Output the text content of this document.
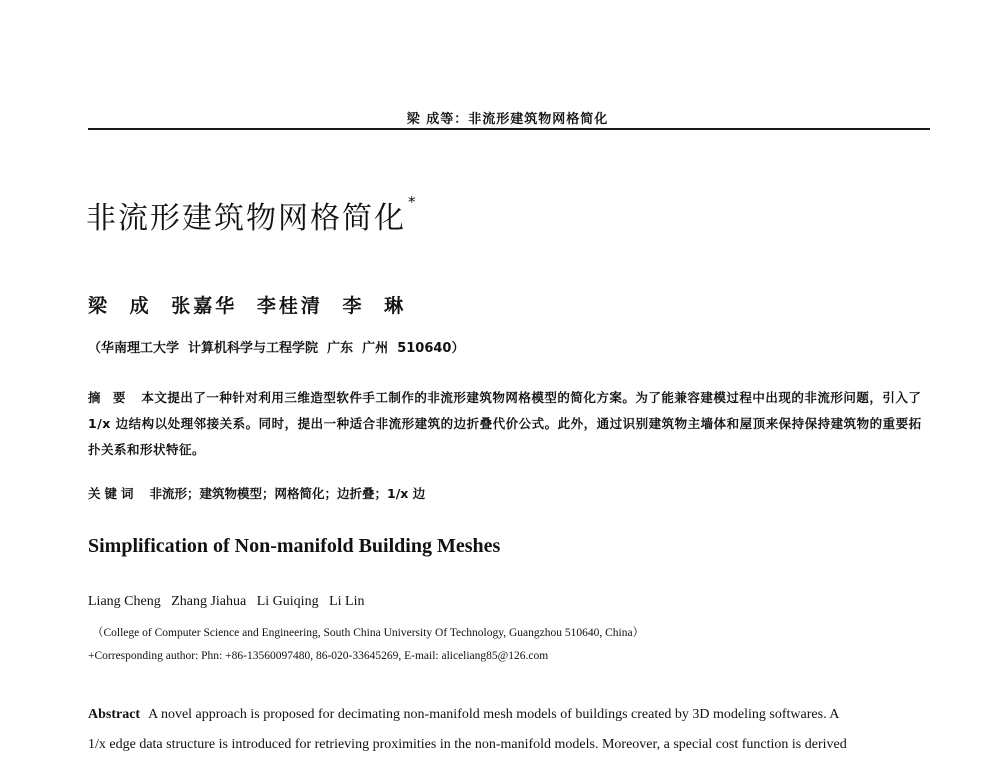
梁 成等：非流形建筑物网格简化
非流形建筑物网格简化 *
梁 成 张嘉华 李桂清 李 琳
（华南理工大学  计算机科学与工程学院  广东  广州  510640）
摘 要 本文提出了一种针对利用三维造型软件手工制作的非流形建筑物网格模型的简化方案。为了能兼容建模过程中出现的非流形问题，引入了 1/x 边结构以处理邻接关系。同时，提出一种适合非流形建筑的边折叠代价公式。此外，通过识别建筑物主墙体和屋顶来保持保持建筑物的重要拓扑关系和形状特征。
关键词 非流形；建筑物模型；网格简化；边折叠；1/x 边
Simplification of Non-manifold Building Meshes
Liang Cheng   Zhang Jiahua   Li Guiqing   Li Lin
（College of Computer Science and Engineering, South China University Of Technology, Guangzhou 510640, China）
+Corresponding author: Phn: +86-13560097480, 86-020-33645269, E-mail: aliceliang85@126.com
Abstract A novel approach is proposed for decimating non-manifold mesh models of buildings created by 3D modeling softwares. A
1/x edge data structure is introduced for retrieving proximities in the non-manifold models. Moreover, a special cost function is derived
